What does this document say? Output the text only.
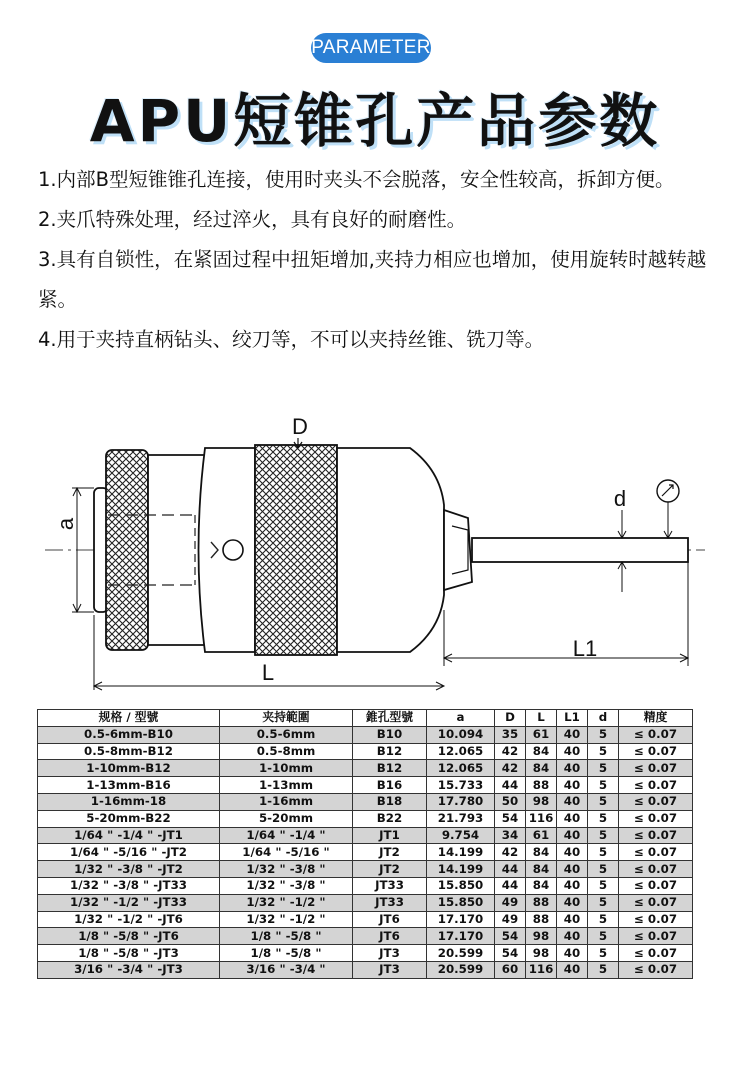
PARAMETER
APU短锥孔产品参数

1.内部B型短锥锥孔连接，使用时夹头不会脱落，安全性较高，拆卸方便。

2.夹爪特殊处理，经过淬火，具有良好的耐磨性。

3.具有自锁性，在紧固过程中扭矩增加,夹持力相应也增加，使用旋转时越转越紧。

4.用于夹持直柄钻头、绞刀等，不可以夹持丝锥、铣刀等。

D
a
d
L1
L
规格 / 型號	夹持範圍	錐孔型號	a	D	L	L1	d	精度
0.5-6mm-B10	0.5-6mm	B10	10.094	35	61	40	5	≤ 0.07
0.5-8mm-B12	0.5-8mm	B12	12.065	42	84	40	5	≤ 0.07
1-10mm-B12	1-10mm	B12	12.065	42	84	40	5	≤ 0.07
1-13mm-B16	1-13mm	B16	15.733	44	88	40	5	≤ 0.07
1-16mm-18	1-16mm	B18	17.780	50	98	40	5	≤ 0.07
5-20mm-B22	5-20mm	B22	21.793	54	116	40	5	≤ 0.07
1/64 " -1/4 " -JT1	1/64 " -1/4 "	JT1	9.754	34	61	40	5	≤ 0.07
1/64 " -5/16 " -JT2	1/64 " -5/16 "	JT2	14.199	42	84	40	5	≤ 0.07
1/32 " -3/8 " -JT2	1/32 " -3/8 "	JT2	14.199	44	84	40	5	≤ 0.07
1/32 " -3/8 " -JT33	1/32 " -3/8 "	JT33	15.850	44	84	40	5	≤ 0.07
1/32 " -1/2 " -JT33	1/32 " -1/2 "	JT33	15.850	49	88	40	5	≤ 0.07
1/32 " -1/2 " -JT6	1/32 " -1/2 "	JT6	17.170	49	88	40	5	≤ 0.07
1/8 " -5/8 " -JT6	1/8 " -5/8 "	JT6	17.170	54	98	40	5	≤ 0.07
1/8 " -5/8 " -JT3	1/8 " -5/8 "	JT3	20.599	54	98	40	5	≤ 0.07
3/16 " -3/4 " -JT3	3/16 " -3/4 "	JT3	20.599	60	116	40	5	≤ 0.07
